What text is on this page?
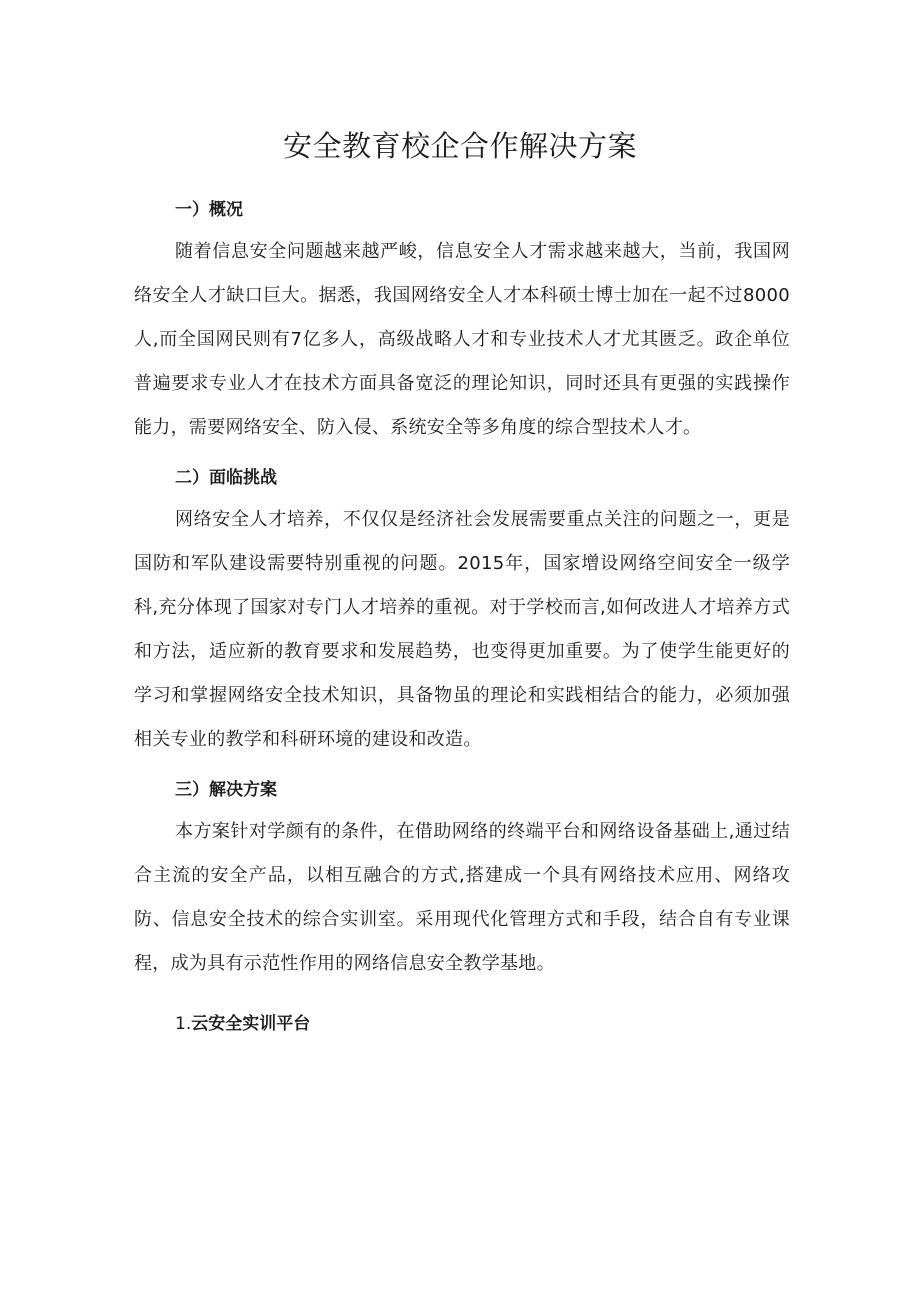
安全教育校企合作解决方案
一）概况

随着信息安全问题越来越严峻，信息安全人才需求越来越大，当前，我国网络安全人才缺口巨大。据悉，我国网络安全人才本科硕士博士加在一起不过8000人,而全国网民则有7亿多人，高级战略人才和专业技术人才尤其匮乏。政企单位普遍要求专业人才在技术方面具备宽泛的理论知识，同时还具有更强的实践操作能力，需要网络安全、防入侵、系统安全等多角度的综合型技术人才。

二）面临挑战

网络安全人才培养，不仅仅是经济社会发展需要重点关注的问题之一，更是国防和军队建设需要特别重视的问题。2015年，国家增设网络空间安全一级学科,充分体现了国家对专门人才培养的重视。对于学校而言,如何改进人才培养方式和方法，适应新的教育要求和发展趋势，也变得更加重要。为了使学生能更好的学习和掌握网络安全技术知识，具备物虽的理论和实践相结合的能力，必须加强相关专业的教学和科研环境的建设和改造。

三）解决方案

本方案针对学颜有的条件，在借助网络的终端平台和网络设备基础上,通过结合主流的安全产品，以相互融合的方式,搭建成一个具有网络技术应用、网络攻防、信息安全技术的综合实训室。采用现代化管理方式和手段，结合自有专业课程，成为具有示范性作用的网络信息安全教学基地。

1.云安全实训平台
